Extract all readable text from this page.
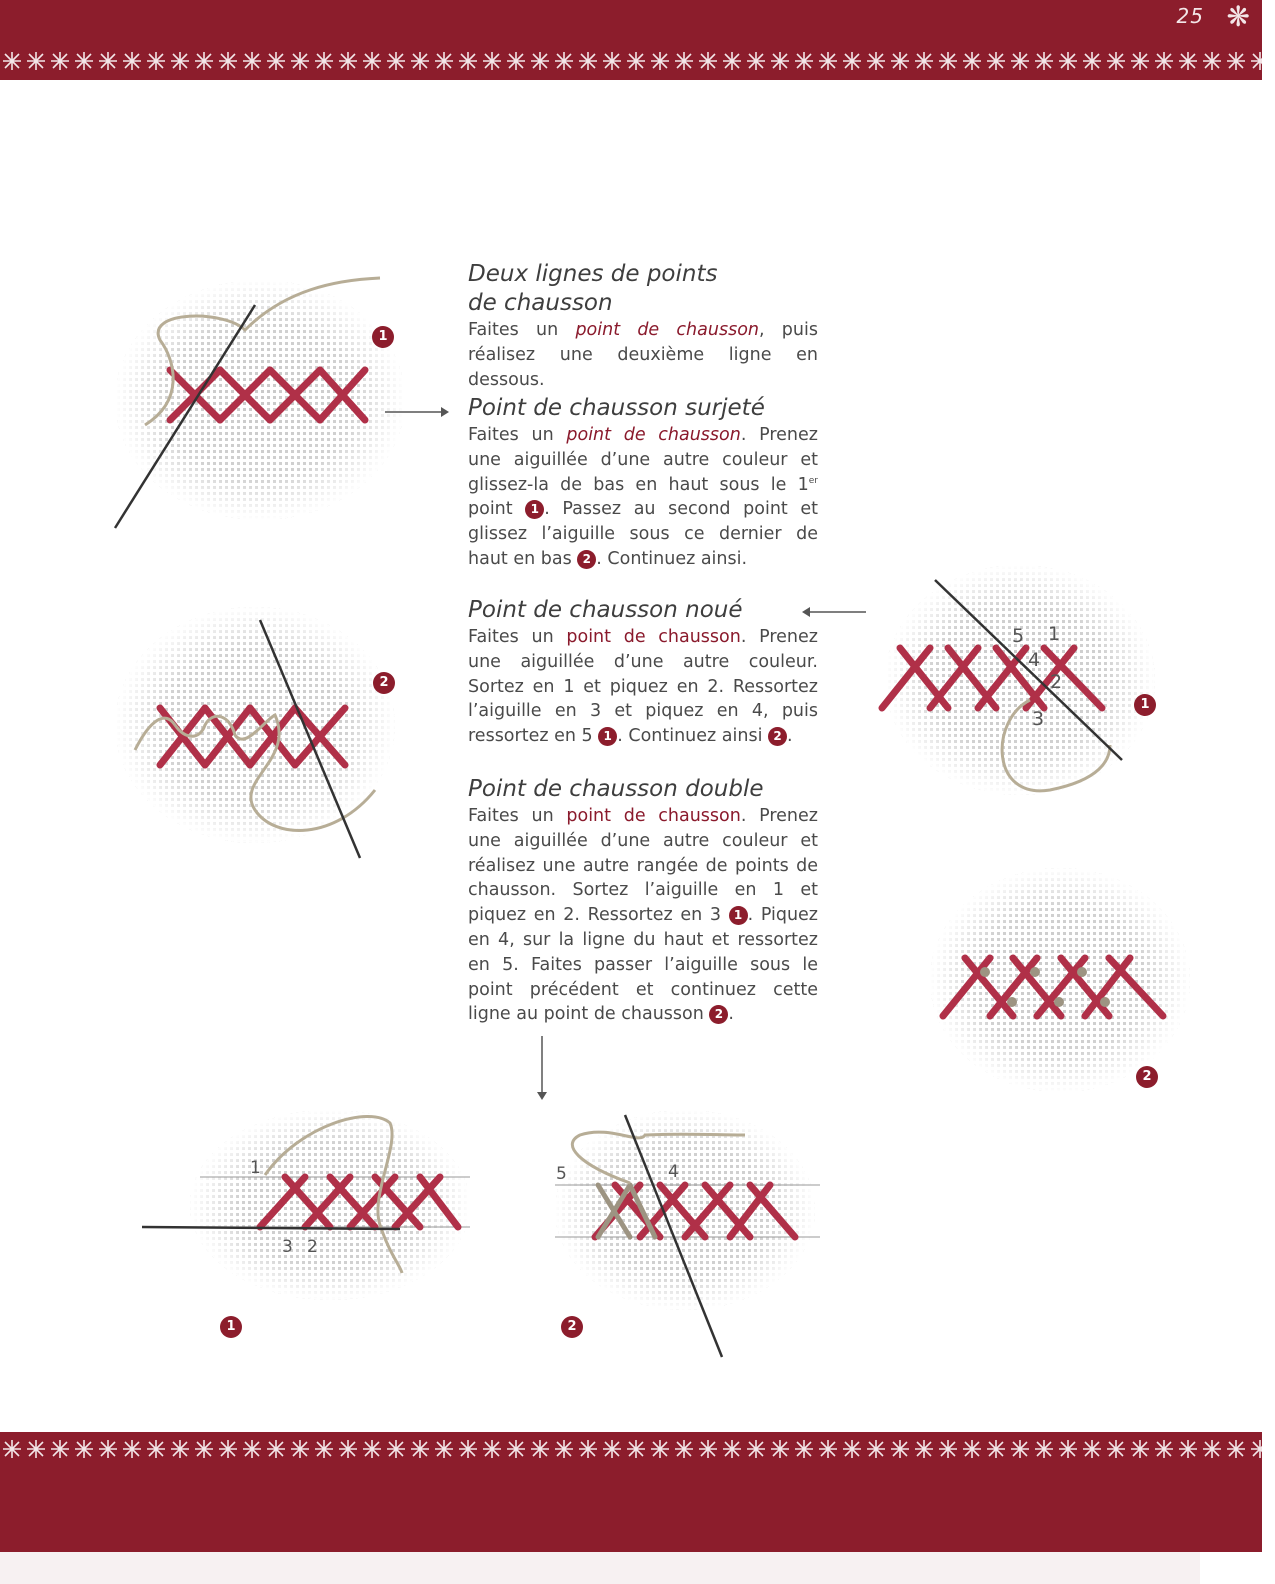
25 ❋
Deux lignes de points
de chausson
Faites un point de chausson, puis réalisez une deuxième ligne en dessous.
Point de chausson surjeté
Faites un point de chausson. Prenez une aiguillée d’une autre couleur et glissez-la de bas en haut sous le 1er point 1 . Passez au second point et glissez l’aiguille sous ce dernier de haut en bas 2 . Continuez ainsi.
Point de chausson noué
Faites un point de chausson. Prenez une aiguillée d’une autre couleur. Sortez en 1 et piquez en 2. Ressortez l’aiguille en 3 et piquez en 4, puis ressortez en 5 1 . Continuez ainsi 2 .
Point de chausson double
Faites un point de chausson. Prenez une aiguillée d’une autre couleur et réalisez une autre rangée de points de chausson. Sortez l’aiguille en 1 et piquez en 2. Ressortez en 3 1 . Piquez en 4, sur la ligne du haut et ressortez en 5. Faites passer l’aiguille sous le point précédent et continuez cette ligne au point de chausson 2 .
1
2
5 1
4
2
3
1
2
1
3 2
1
5	4
2
